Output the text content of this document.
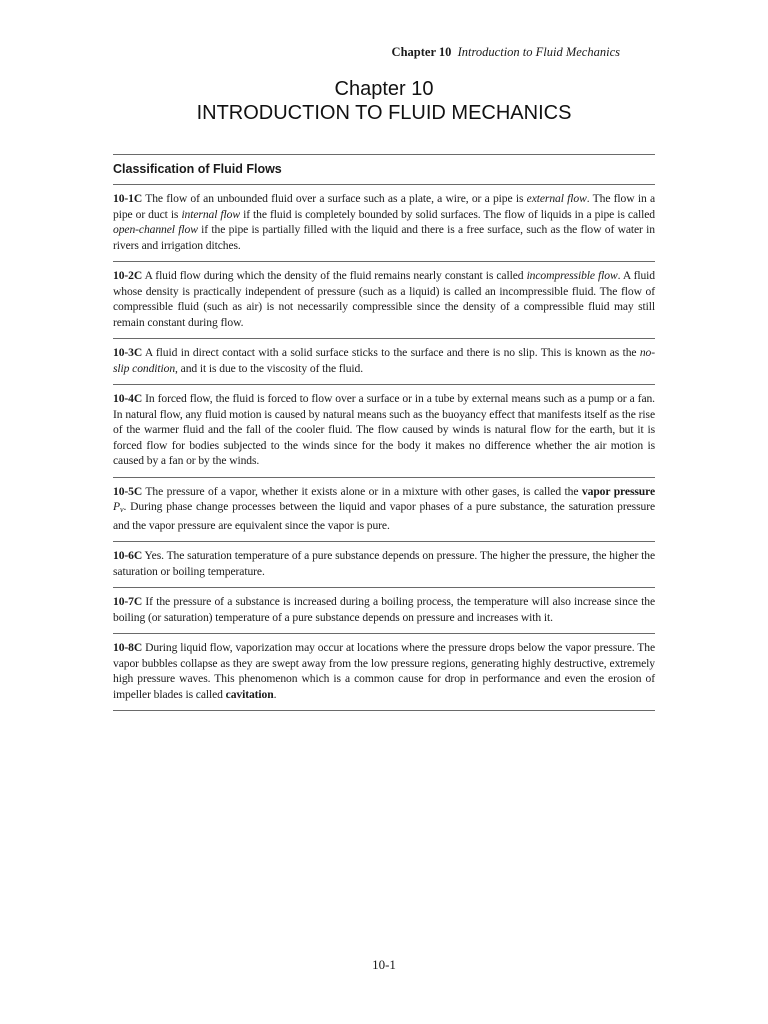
Chapter 10 Introduction to Fluid Mechanics
Chapter 10
INTRODUCTION TO FLUID MECHANICS
Classification of Fluid Flows
10-1C The flow of an unbounded fluid over a surface such as a plate, a wire, or a pipe is external flow. The flow in a pipe or duct is internal flow if the fluid is completely bounded by solid surfaces. The flow of liquids in a pipe is called open-channel flow if the pipe is partially filled with the liquid and there is a free surface, such as the flow of water in rivers and irrigation ditches.
10-2C A fluid flow during which the density of the fluid remains nearly constant is called incompressible flow. A fluid whose density is practically independent of pressure (such as a liquid) is called an incompressible fluid. The flow of compressible fluid (such as air) is not necessarily compressible since the density of a compressible fluid may still remain constant during flow.
10-3C A fluid in direct contact with a solid surface sticks to the surface and there is no slip. This is known as the no-slip condition, and it is due to the viscosity of the fluid.
10-4C In forced flow, the fluid is forced to flow over a surface or in a tube by external means such as a pump or a fan. In natural flow, any fluid motion is caused by natural means such as the buoyancy effect that manifests itself as the rise of the warmer fluid and the fall of the cooler fluid. The flow caused by winds is natural flow for the earth, but it is forced flow for bodies subjected to the winds since for the body it makes no difference whether the air motion is caused by a fan or by the winds.
10-5C The pressure of a vapor, whether it exists alone or in a mixture with other gases, is called the vapor pressure $P_v$. During phase change processes between the liquid and vapor phases of a pure substance, the saturation pressure and the vapor pressure are equivalent since the vapor is pure.
10-6C Yes. The saturation temperature of a pure substance depends on pressure. The higher the pressure, the higher the saturation or boiling temperature.
10-7C If the pressure of a substance is increased during a boiling process, the temperature will also increase since the boiling (or saturation) temperature of a pure substance depends on pressure and increases with it.
10-8C During liquid flow, vaporization may occur at locations where the pressure drops below the vapor pressure. The vapor bubbles collapse as they are swept away from the low pressure regions, generating highly destructive, extremely high pressure waves. This phenomenon which is a common cause for drop in performance and even the erosion of impeller blades is called cavitation.
10-1
